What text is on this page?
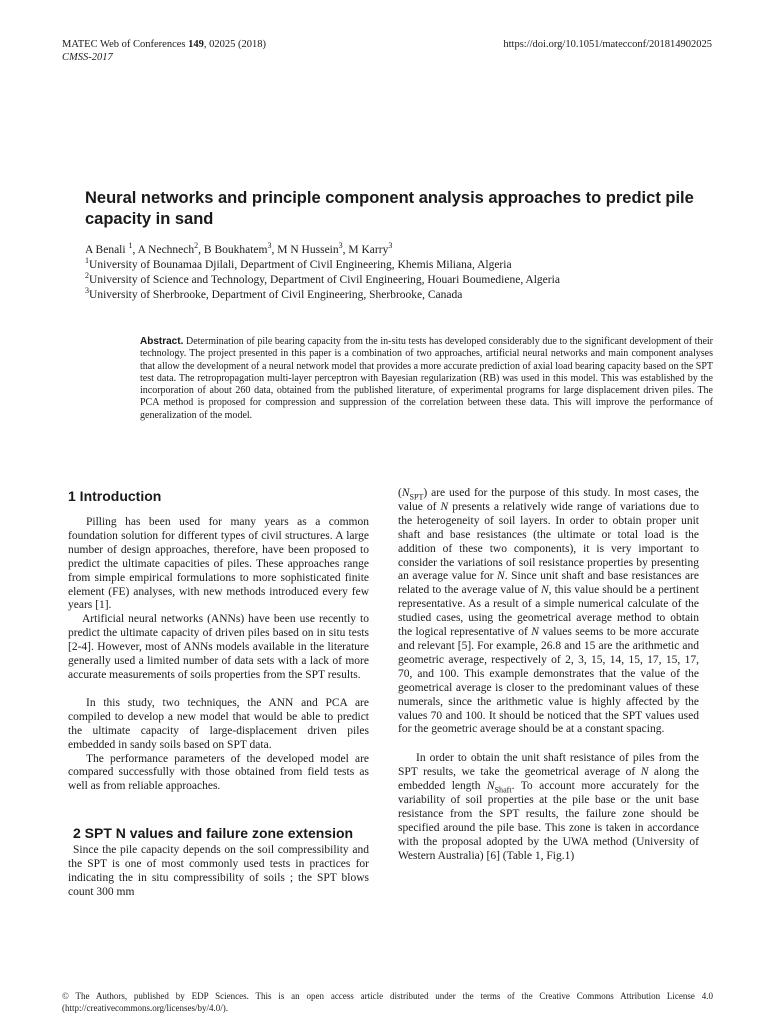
MATEC Web of Conferences 149, 02025 (2018)
CMSS-2017
https://doi.org/10.1051/matecconf/201814902025
Neural networks and principle component analysis approaches to predict pile capacity in sand
A Benali $^1$, A Nechnech$^2$, B Boukhatem$^3$, M N Hussein$^3$, M Karry$^3$
$^1$University of Bounamaa Djilali, Department of Civil Engineering, Khemis Miliana, Algeria
$^2$University of Science and Technology, Department of Civil Engineering, Houari Boumediene, Algeria
$^3$University of Sherbrooke, Department of Civil Engineering, Sherbrooke, Canada
Abstract. Determination of pile bearing capacity from the in-situ tests has developed considerably due to the significant development of their technology. The project presented in this paper is a combination of two approaches, artificial neural networks and main component analyses that allow the development of a neural network model that provides a more accurate prediction of axial load bearing capacity based on the SPT test data. The retropropagation multi-layer perceptron with Bayesian regularization (RB) was used in this model. This was established by the incorporation of about 260 data, obtained from the published literature, of experimental programs for large displacement driven piles. The PCA method is proposed for compression and suppression of the correlation between these data. This will improve the performance of generalization of the model.
1 Introduction

Pilling has been used for many years as a common foundation solution for different types of civil structures. A large number of design approaches, therefore, have been proposed to predict the ultimate capacities of piles. These approaches range from simple empirical formulations to more sophisticated finite element (FE) analyses, with new methods introduced every few years [1].

Artificial neural networks (ANNs) have been use recently to predict the ultimate capacity of driven piles based on in situ tests [2-4]. However, most of ANNs models available in the literature generally used a limited number of data sets with a lack of more accurate measurements of soils properties from the SPT results.

In this study, two techniques, the ANN and PCA are compiled to develop a new model that would be able to predict the ultimate capacity of large-displacement driven piles embedded in sandy soils based on SPT data.

The performance parameters of the developed model are compared successfully with those obtained from field tests as well as from reliable approaches.

2 SPT N values and failure zone extension

Since the pile capacity depends on the soil compressibility and the SPT is one of most commonly used tests in practices for indicating the in situ compressibility of soils ; the SPT blows count 300 mm

$(N_{SPT})$ are used for the purpose of this study. In most cases, the value of N presents a relatively wide range of variations due to the heterogeneity of soil layers. In order to obtain proper unit shaft and base resistances (the ultimate or total load is the addition of these two components), it is very important to consider the variations of soil resistance properties by presenting an average value for N. Since unit shaft and base resistances are related to the average value of N, this value should be a pertinent representative. As a result of a simple numerical calculate of the studied cases, using the geometrical average method to obtain the logical representative of N values seems to be more accurate and relevant [5]. For example, 26.8 and 15 are the arithmetic and geometric average, respectively of 2, 3, 15, 14, 15, 17, 15, 17, 70, and 100. This example demonstrates that the value of the geometrical average is closer to the predominant values of these numerals, since the arithmetic value is highly affected by the values 70 and 100. It should be noticed that the SPT values used for the geometric average should be at a constant spacing.

In order to obtain the unit shaft resistance of piles from the SPT results, we take the geometrical average of N along the embedded length $N_{Shaft}$. To account more accurately for the variability of soil properties at the pile base or the unit base resistance from the SPT results, the failure zone should be specified around the pile base. This zone is taken in accordance with the proposal adopted by the UWA method (University of Western Australia) [6] (Table 1, Fig.1)

© The Authors, published by EDP Sciences. This is an open access article distributed under the terms of the Creative Commons Attribution License 4.0 (http://creativecommons.org/licenses/by/4.0/).
